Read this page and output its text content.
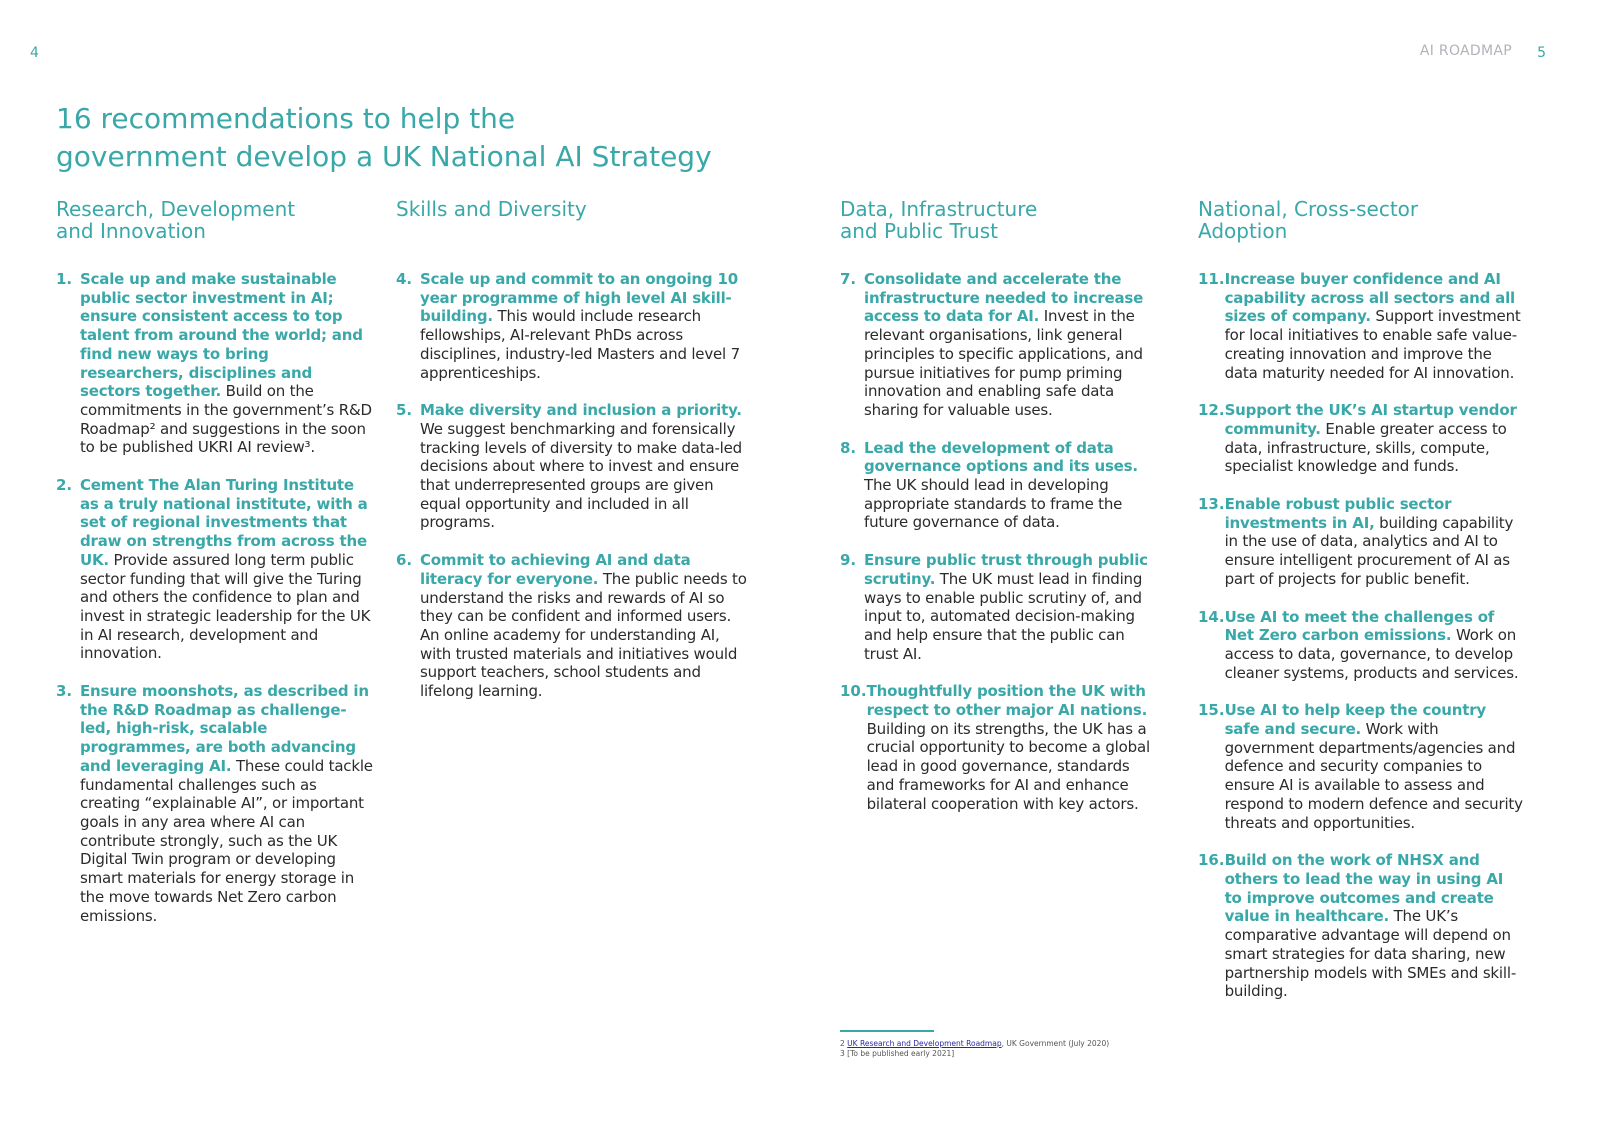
4	AI ROADMAP 5
16 recommendations to help the
government develop a UK National AI Strategy
Research, Development
and Innovation
1. Scale up and make sustainable public sector investment in AI; ensure consistent access to top talent from around the world; and find new ways to bring researchers, disciplines and sectors together. Build on the commitments in the government’s R&D Roadmap² and suggestions in the soon to be published UKRI AI review³.
2. Cement The Alan Turing Institute as a truly national institute, with a set of regional investments that draw on strengths from across the UK. Provide assured long term public sector funding that will give the Turing and others the confidence to plan and invest in strategic leadership for the UK in AI research, development and innovation.
3. Ensure moonshots, as described in the R&D Roadmap as challenge-led, high-risk, scalable programmes, are both advancing and leveraging AI. These could tackle fundamental challenges such as creating “explainable AI”, or important goals in any area where AI can contribute strongly, such as the UK Digital Twin program or developing smart materials for energy storage in the move towards Net Zero carbon emissions.
Skills and Diversity
4. Scale up and commit to an ongoing 10 year programme of high level AI skill-building. This would include research fellowships, AI-relevant PhDs across disciplines, industry-led Masters and level 7 apprenticeships.
5. Make diversity and inclusion a priority. We suggest benchmarking and forensically tracking levels of diversity to make data-led decisions about where to invest and ensure that underrepresented groups are given equal opportunity and included in all programs.
6. Commit to achieving AI and data literacy for everyone. The public needs to understand the risks and rewards of AI so they can be confident and informed users. An online academy for understanding AI, with trusted materials and initiatives would support teachers, school students and lifelong learning.
Data, Infrastructure
and Public Trust
7. Consolidate and accelerate the infrastructure needed to increase access to data for AI. Invest in the relevant organisations, link general principles to specific applications, and pursue initiatives for pump priming innovation and enabling safe data sharing for valuable uses.
8. Lead the development of data governance options and its uses. The UK should lead in developing appropriate standards to frame the future governance of data.
9. Ensure public trust through public scrutiny. The UK must lead in finding ways to enable public scrutiny of, and input to, automated decision-making and help ensure that the public can trust AI.
10. Thoughtfully position the UK with respect to other major AI nations. Building on its strengths, the UK has a crucial opportunity to become a global lead in good governance, standards and frameworks for AI and enhance bilateral cooperation with key actors.
National, Cross-sector
Adoption
11. Increase buyer confidence and AI capability across all sectors and all sizes of company. Support investment for local initiatives to enable safe value-creating innovation and improve the data maturity needed for AI innovation.
12. Support the UK’s AI startup vendor community. Enable greater access to data, infrastructure, skills, compute, specialist knowledge and funds.
13. Enable robust public sector investments in AI, building capability in the use of data, analytics and AI to ensure intelligent procurement of AI as part of projects for public benefit.
14. Use AI to meet the challenges of Net Zero carbon emissions. Work on access to data, governance, to develop cleaner systems, products and services.
15. Use AI to help keep the country safe and secure. Work with government departments/agencies and defence and security companies to ensure AI is available to assess and respond to modern defence and security threats and opportunities.
16. Build on the work of NHSX and others to lead the way in using AI to improve outcomes and create value in healthcare. The UK’s comparative advantage will depend on smart strategies for data sharing, new partnership models with SMEs and skill-building.
2 UK Research and Development Roadmap, UK Government (July 2020)
3 [To be published early 2021]
